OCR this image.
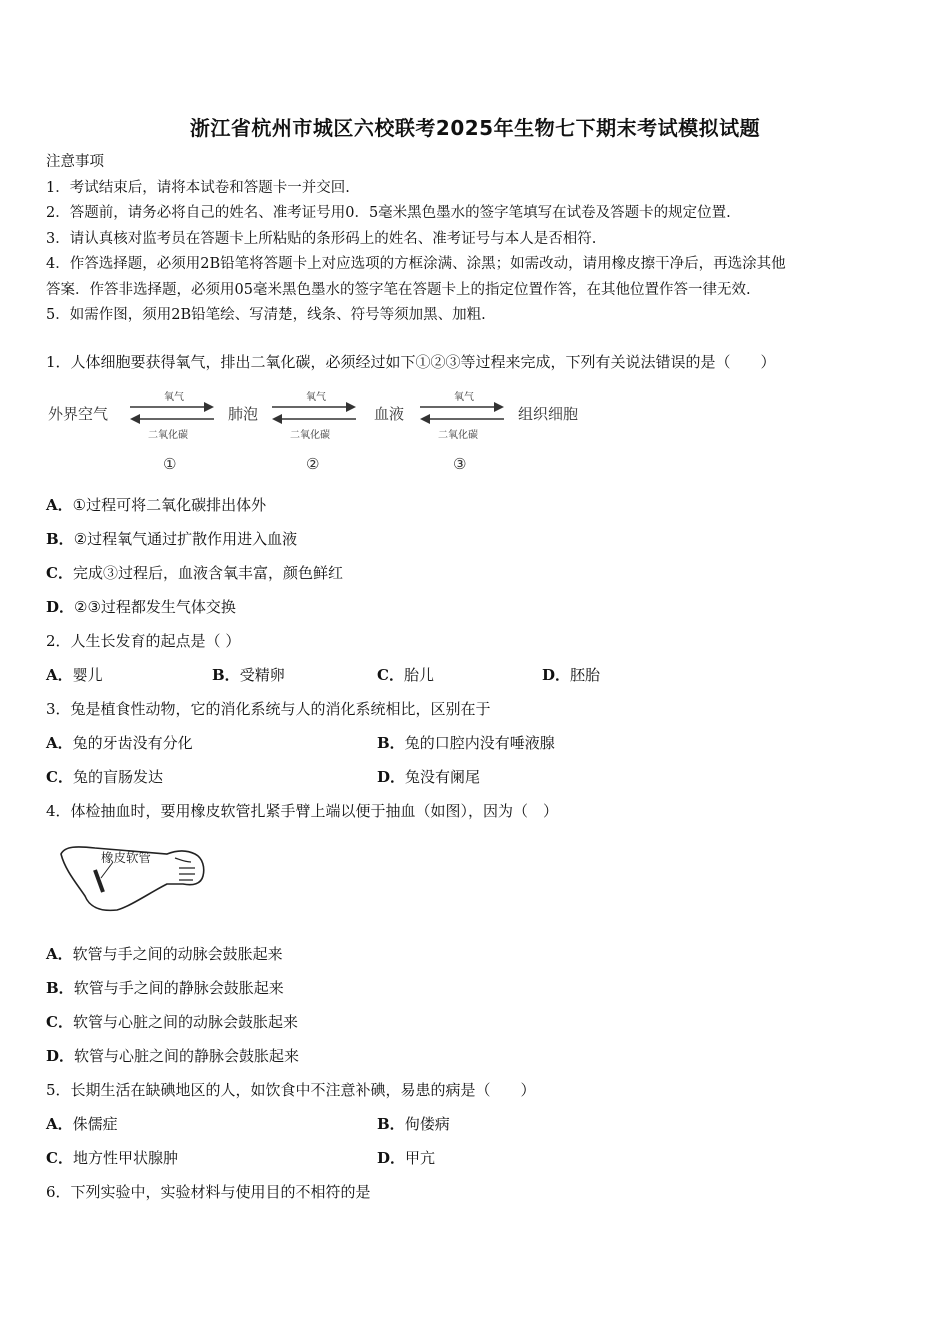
浙江省杭州市城区六校联考2025年生物七下期末考试模拟试题
注意事项
1．考试结束后，请将本试卷和答题卡一并交回.
2．答题前，请务必将自己的姓名、准考证号用0．5毫米黑色墨水的签字笔填写在试卷及答题卡的规定位置.
3．请认真核对监考员在答题卡上所粘贴的条形码上的姓名、准考证号与本人是否相符.
4．作答选择题，必须用2B铅笔将答题卡上对应选项的方框涂满、涂黑；如需改动，请用橡皮擦干净后，再选涂其他
答案．作答非选择题，必须用05毫米黑色墨水的签字笔在答题卡上的指定位置作答，在其他位置作答一律无效.
5．如需作图，须用2B铅笔绘、写清楚，线条、符号等须加黑、加粗.
1．人体细胞要获得氧气，排出二氧化碳，必须经过如下①②③等过程来完成，下列有关说法错误的是（　　）
外界空气	肺泡	血液	组织细胞
氧气
二氧化碳
①
氧气
二氧化碳
②
氧气
二氧化碳
③
A．①过程可将二氧化碳排出体外
B．②过程氧气通过扩散作用进入血液
C．完成③过程后，血液含氧丰富，颜色鲜红
D．②③过程都发生气体交换
2．人生长发育的起点是（ ）
A．婴儿	B．受精卵	C．胎儿	D．胚胎
3．兔是植食性动物，它的消化系统与人的消化系统相比，区别在于
A．兔的牙齿没有分化	B．兔的口腔内没有唾液腺
C．兔的盲肠发达	D．兔没有阑尾
4．体检抽血时，要用橡皮软管扎紧手臂上端以便于抽血（如图），因为（　）
橡皮软管
A．软管与手之间的动脉会鼓胀起来
B．软管与手之间的静脉会鼓胀起来
C．软管与心脏之间的动脉会鼓胀起来
D．软管与心脏之间的静脉会鼓胀起来
5．长期生活在缺碘地区的人，如饮食中不注意补碘，易患的病是（　　）
A．侏儒症	B．佝偻病
C．地方性甲状腺肿	D．甲亢
6．下列实验中，实验材料与使用目的不相符的是
